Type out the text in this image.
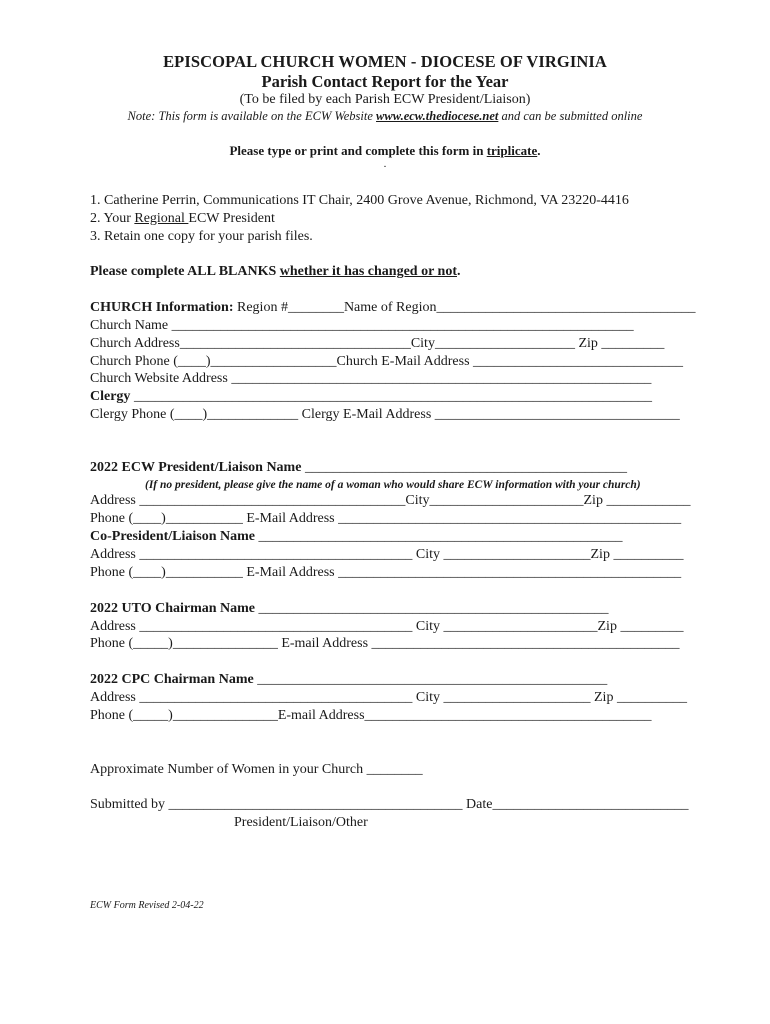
EPISCOPAL CHURCH WOMEN - DIOCESE OF VIRGINIA
Parish Contact Report for the Year
(To be filed by each Parish ECW President/Liaison)
Note: This form is available on the ECW Website www.ecw.thediocese.net and can be submitted online
Please type or print and complete this form in triplicate.
.
1. Catherine Perrin, Communications IT Chair, 2400 Grove Avenue, Richmond, VA 23220-4416
2. Your Regional ECW President
3. Retain one copy for your parish files.
Please complete ALL BLANKS whether it has changed or not.
CHURCH Information: Region #________Name of Region_____________________________________
Church Name __________________________________________________________________
Church Address_________________________________City____________________ Zip _________
Church Phone (____)__________________Church E-Mail Address ______________________________
Church Website Address ____________________________________________________________
Clergy __________________________________________________________________________
Clergy Phone (____)_____________ Clergy E-Mail Address ___________________________________
2022 ECW President/Liaison Name ______________________________________________
(If no president, please give the name of a woman who would share ECW information with your church)
Address ______________________________________City______________________Zip ____________
Phone (____)___________ E-Mail Address _________________________________________________
Co-President/Liaison Name ____________________________________________________
Address _______________________________________ City _____________________Zip __________
Phone (____)___________ E-Mail Address _________________________________________________
2022 UTO Chairman Name __________________________________________________
Address _______________________________________ City ______________________Zip _________
Phone (_____)_______________ E-mail Address ____________________________________________
2022 CPC Chairman Name __________________________________________________
Address _______________________________________ City _____________________ Zip __________
Phone (_____)_______________E-mail Address_________________________________________
Approximate Number of Women in your Church ________
Submitted by __________________________________________ Date____________________________
President/Liaison/Other
ECW Form Revised 2-04-22
